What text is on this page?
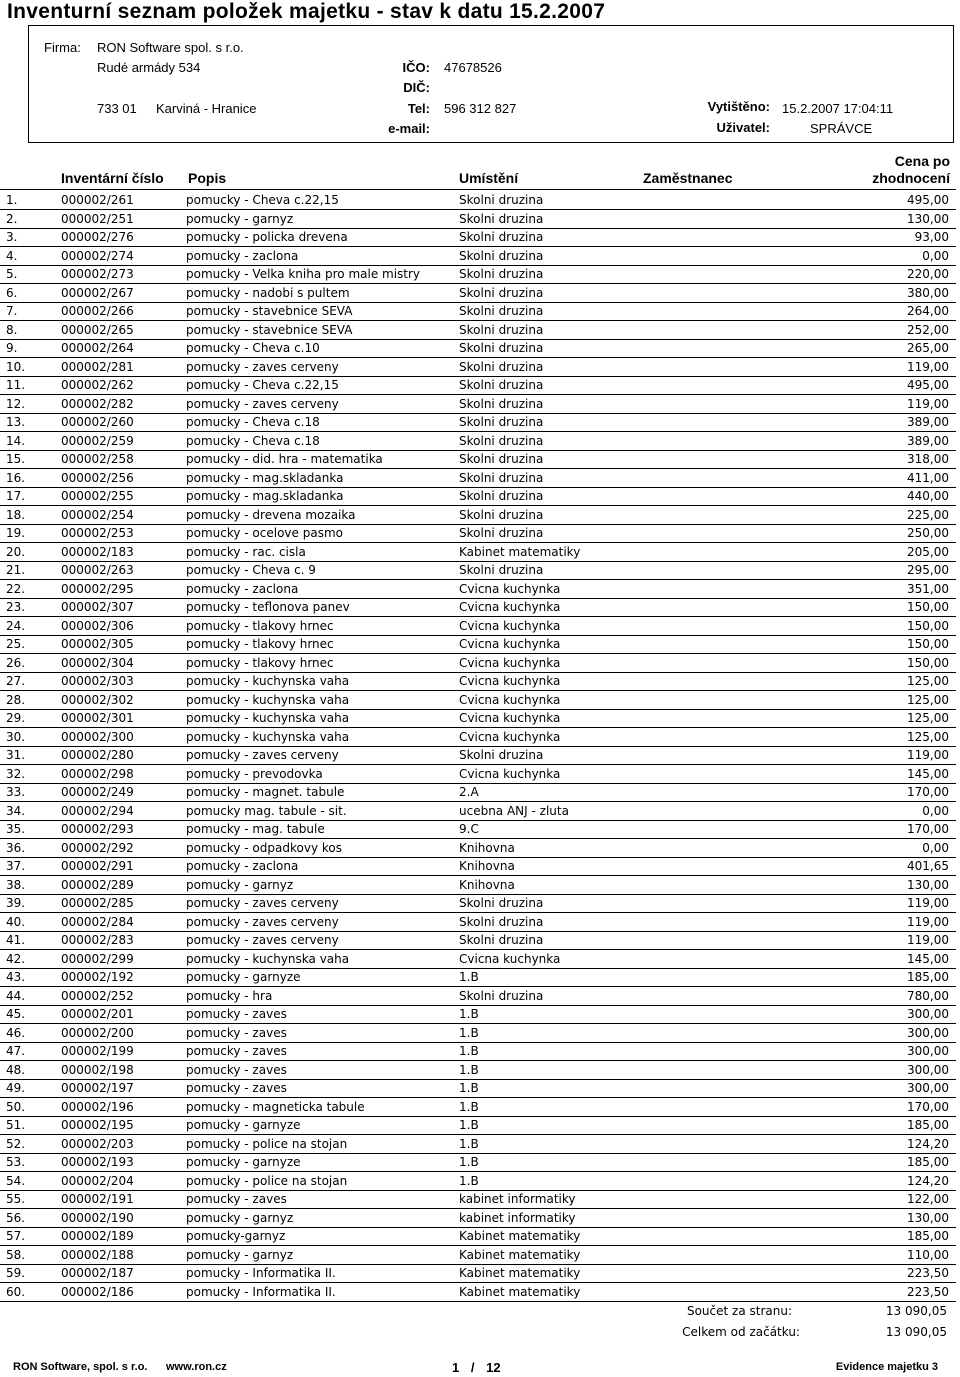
Inventurní seznam položek majetku - stav k datu 15.2.2007
Firma: RON Software spol. s r.o.
Rudé armády 534
733 01 Karviná - Hranice
IČO: 47678526
DIČ:
Tel: 596 312 827
e-mail:
Vytištěno: 15.2.2007 17:04:11
Uživatel:	SPRÁVCE
Inventární číslo Popis	Umístění	Zaměstnanec
Cena po
zhodnocení
1.	000002/261	pomucky - Cheva c.22,15	Skolni druzina	495,00
2.	000002/251	pomucky - garnyz	Skolni druzina	130,00
3.	000002/276	pomucky - policka drevena	Skolni druzina	93,00
4.	000002/274	pomucky - zaclona	Skolni druzina	0,00
5.	000002/273	pomucky - Velka kniha pro male mistry	Skolni druzina	220,00
6.	000002/267	pomucky - nadobi s pultem	Skolni druzina	380,00
7.	000002/266	pomucky - stavebnice SEVA	Skolni druzina	264,00
8.	000002/265	pomucky - stavebnice SEVA	Skolni druzina	252,00
9.	000002/264	pomucky - Cheva c.10	Skolni druzina	265,00
10.	000002/281	pomucky - zaves cerveny	Skolni druzina	119,00
11.	000002/262	pomucky - Cheva c.22,15	Skolni druzina	495,00
12.	000002/282	pomucky - zaves cerveny	Skolni druzina	119,00
13.	000002/260	pomucky - Cheva c.18	Skolni druzina	389,00
14.	000002/259	pomucky - Cheva c.18	Skolni druzina	389,00
15.	000002/258	pomucky - did. hra - matematika	Skolni druzina	318,00
16.	000002/256	pomucky - mag.skladanka	Skolni druzina	411,00
17.	000002/255	pomucky - mag.skladanka	Skolni druzina	440,00
18.	000002/254	pomucky - drevena mozaika	Skolni druzina	225,00
19.	000002/253	pomucky - ocelove pasmo	Skolni druzina	250,00
20.	000002/183	pomucky - rac. cisla	Kabinet matematiky	205,00
21.	000002/263	pomucky - Cheva c. 9	Skolni druzina	295,00
22.	000002/295	pomucky - zaclona	Cvicna kuchynka	351,00
23.	000002/307	pomucky - teflonova panev	Cvicna kuchynka	150,00
24.	000002/306	pomucky - tlakovy hrnec	Cvicna kuchynka	150,00
25.	000002/305	pomucky - tlakovy hrnec	Cvicna kuchynka	150,00
26.	000002/304	pomucky - tlakovy hrnec	Cvicna kuchynka	150,00
27.	000002/303	pomucky - kuchynska vaha	Cvicna kuchynka	125,00
28.	000002/302	pomucky - kuchynska vaha	Cvicna kuchynka	125,00
29.	000002/301	pomucky - kuchynska vaha	Cvicna kuchynka	125,00
30.	000002/300	pomucky - kuchynska vaha	Cvicna kuchynka	125,00
31.	000002/280	pomucky - zaves cerveny	Skolni druzina	119,00
32.	000002/298	pomucky - prevodovka	Cvicna kuchynka	145,00
33.	000002/249	pomucky - magnet. tabule	2.A	170,00
34.	000002/294	pomucky mag. tabule - sit.	ucebna ANJ - zluta	0,00
35.	000002/293	pomucky - mag. tabule	9.C	170,00
36.	000002/292	pomucky - odpadkovy kos	Knihovna	0,00
37.	000002/291	pomucky - zaclona	Knihovna	401,65
38.	000002/289	pomucky - garnyz	Knihovna	130,00
39.	000002/285	pomucky - zaves cerveny	Skolni druzina	119,00
40.	000002/284	pomucky - zaves cerveny	Skolni druzina	119,00
41.	000002/283	pomucky - zaves cerveny	Skolni druzina	119,00
42.	000002/299	pomucky - kuchynska vaha	Cvicna kuchynka	145,00
43.	000002/192	pomucky - garnyze	1.B	185,00
44.	000002/252	pomucky - hra	Skolni druzina	780,00
45.	000002/201	pomucky - zaves	1.B	300,00
46.	000002/200	pomucky - zaves	1.B	300,00
47.	000002/199	pomucky - zaves	1.B	300,00
48.	000002/198	pomucky - zaves	1.B	300,00
49.	000002/197	pomucky - zaves	1.B	300,00
50.	000002/196	pomucky - magneticka tabule	1.B	170,00
51.	000002/195	pomucky - garnyze	1.B	185,00
52.	000002/203	pomucky - police na stojan	1.B	124,20
53.	000002/193	pomucky - garnyze	1.B	185,00
54.	000002/204	pomucky - police na stojan	1.B	124,20
55.	000002/191	pomucky - zaves	kabinet informatiky	122,00
56.	000002/190	pomucky - garnyz	kabinet informatiky	130,00
57.	000002/189	pomucky-garnyz	Kabinet matematiky	185,00
58.	000002/188	pomucky - garnyz	Kabinet matematiky	110,00
59.	000002/187	pomucky - Informatika II.	Kabinet matematiky	223,50
60.	000002/186	pomucky - Informatika II.	Kabinet matematiky	223,50
Součet za stranu:	13 090,05
Celkem od začátku:	13 090,05
RON Software, spol. s r.o. www.ron.cz	1 / 12	Evidence majetku 3
